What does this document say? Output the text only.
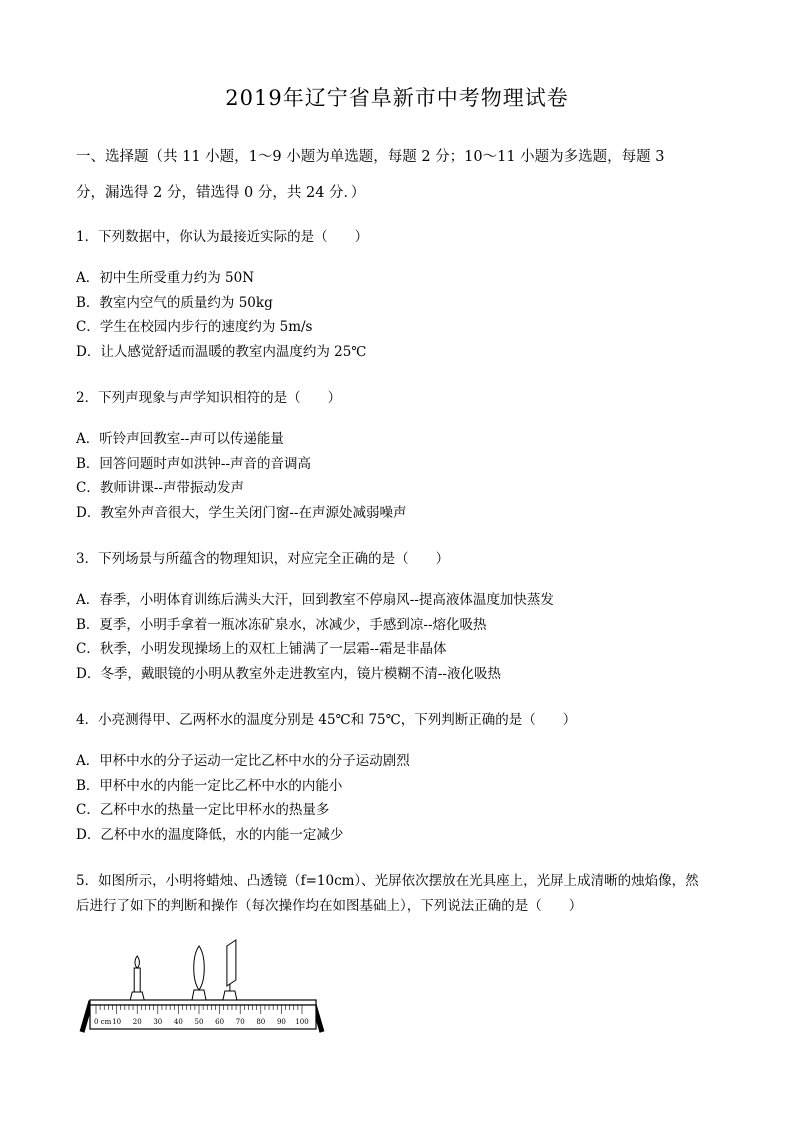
2019年辽宁省阜新市中考物理试卷
一、选择题（共 11 小题，1～9 小题为单选题，每题 2 分；10～11 小题为多选题，每题 3
分，漏选得 2 分，错选得 0 分，共 24 分．）
1．下列数据中，你认为最接近实际的是（　　）
A．初中生所受重力约为 50N
B．教室内空气的质量约为 50kg
C．学生在校园内步行的速度约为 5m/s
D．让人感觉舒适而温暖的教室内温度约为 25℃
2．下列声现象与声学知识相符的是（　　）
A．听铃声回教室--声可以传递能量
B．回答问题时声如洪钟--声音的音调高
C．教师讲课--声带振动发声
D．教室外声音很大，学生关闭门窗--在声源处减弱噪声
3．下列场景与所蕴含的物理知识，对应完全正确的是（　　）
A．春季，小明体育训练后满头大汗，回到教室不停扇风--提高液体温度加快蒸发
B．夏季，小明手拿着一瓶冰冻矿泉水，冰减少，手感到凉--熔化吸热
C．秋季，小明发现操场上的双杠上铺满了一层霜--霜是非晶体
D．冬季，戴眼镜的小明从教室外走进教室内，镜片模糊不清--液化吸热
4．小亮测得甲、乙两杯水的温度分别是 45℃和 75℃，下列判断正确的是（　　）
A．甲杯中水的分子运动一定比乙杯中水的分子运动剧烈
B．甲杯中水的内能一定比乙杯中水的内能小
C．乙杯中水的热量一定比甲杯水的热量多
D．乙杯中水的温度降低，水的内能一定减少
5．如图所示，小明将蜡烛、凸透镜（f=10cm）、光屏依次摆放在光具座上，光屏上成清晰的烛焰像，然
后进行了如下的判断和操作（每次操作均在如图基础上），下列说法正确的是（　　）
0 cm 10 20 30 40 50 60 70 80 90 100
